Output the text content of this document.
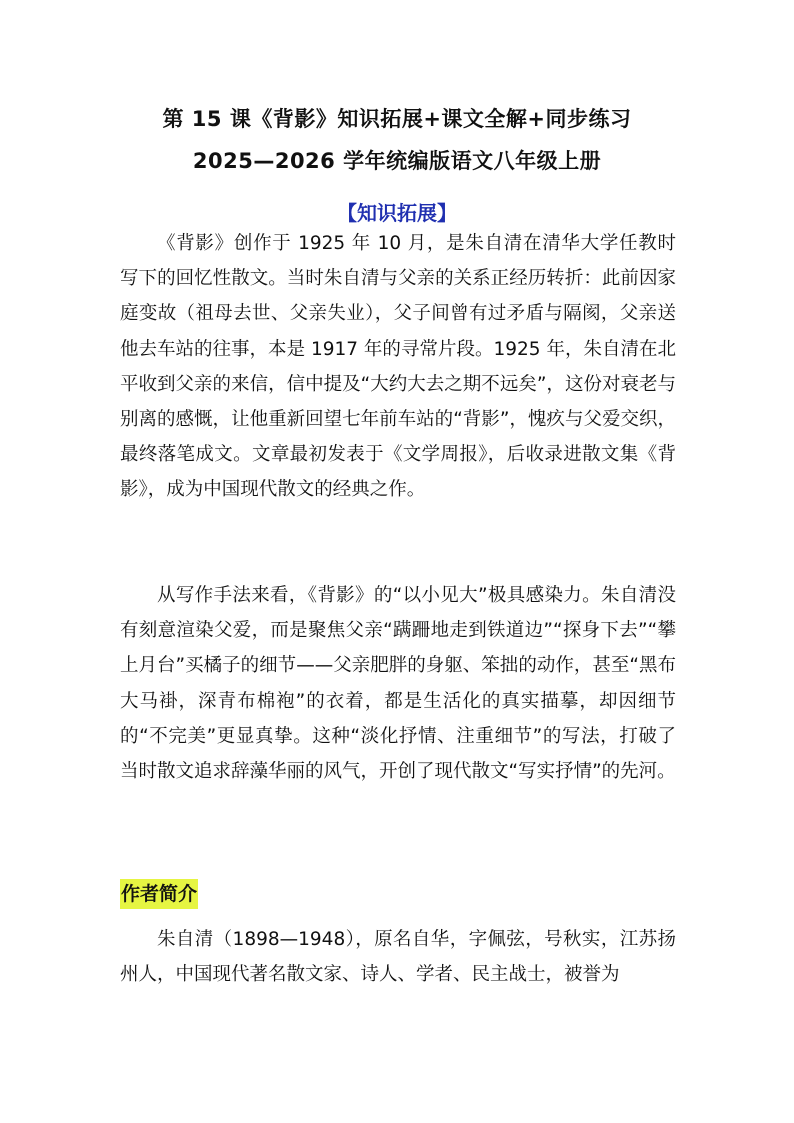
第 15 课《背影》知识拓展+课文全解+同步练习
2025—2026 学年统编版语文八年级上册
【知识拓展】

《背影》创作于 1925 年 10 月，是朱自清在清华大学任教时写下的回忆性散文。当时朱自清与父亲的关系正经历转折：此前因家庭变故（祖母去世、父亲失业），父子间曾有过矛盾与隔阂，父亲送他去车站的往事，本是 1917 年的寻常片段。1925 年，朱自清在北平收到父亲的来信，信中提及“大约大去之期不远矣”，这份对衰老与别离的感慨，让他重新回望七年前车站的“背影”，愧疚与父爱交织，最终落笔成文。文章最初发表于《文学周报》，后收录进散文集《背影》，成为中国现代散文的经典之作。

从写作手法来看，《背影》的“以小见大”极具感染力。朱自清没有刻意渲染父爱，而是聚焦父亲“蹒跚地走到铁道边”“探身下去”“攀上月台”买橘子的细节——父亲肥胖的身躯、笨拙的动作，甚至“黑布大马褂，深青布棉袍”的衣着，都是生活化的真实描摹，却因细节的“不完美”更显真挚。这种“淡化抒情、注重细节”的写法，打破了当时散文追求辞藻华丽的风气，开创了现代散文“写实抒情”的先河。

作者简介

朱自清（1898—1948），原名自华，字佩弦，号秋实，江苏扬州人，中国现代著名散文家、诗人、学者、民主战士，被誉为
